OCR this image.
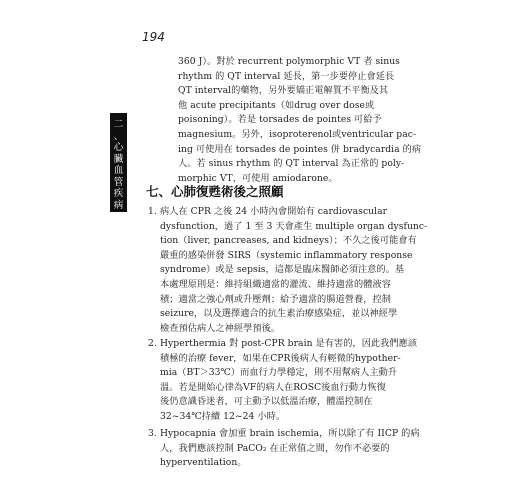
194
二
、
心
臟
血
管
疾
病
360 J）。對於 recurrent polymorphic VT 者 sinus
rhythm 的 QT interval 延長，第一步要停止會延長
QT interval的藥物，另外要矯正電解質不平衡及其
他 acute precipitants（如drug over dose或
poisoning）。若是 torsades de pointes 可給予
magnesium。另外，isoproterenol或ventricular pac-
ing 可使用在 torsades de pointes 併 bradycardia 的病
人。若 sinus rhythm 的 QT interval 為正常的 poly-
morphic VT，可使用 amiodarone。
七、心肺復甦術後之照顧
1. 病人在 CPR 之後 24 小時內會開始有 cardiovascular
dysfunction，過了 1 至 3 天會產生 multiple organ dysfunc-
tion（liver, pancreases, and kidneys）；不久之後可能會有
嚴重的感染併發 SIRS（systemic inflammatory response
syndrome）或是 sepsis，這都是臨床醫師必須注意的。基
本處理原則是：維持組織適當的灌流、維持適當的體液容
積；適當之強心劑或升壓劑；給予適當的腸道營養，控制
seizure，以及選擇適合的抗生素治療感染症，並以神經學
檢查預估病人之神經學預後。
2. Hyperthermia 對 post-CPR brain 是有害的，因此我們應該
積極的治療 fever，如果在CPR後病人有輕微的hypother-
mia（BT＞33℃）而血行力學穩定，則不用幫病人主動升
溫。若是開始心律為VF的病人在ROSC後血行動力恢復
後仍意識昏迷者，可主動予以低溫治療，體溫控制在
32~34℃持續 12~24 小時。
3. Hypocapnia 會加重 brain ischemia，所以除了有 IICP 的病
人，我們應該控制 PaCO₂ 在正常值之間，勿作不必要的
hyperventilation。
